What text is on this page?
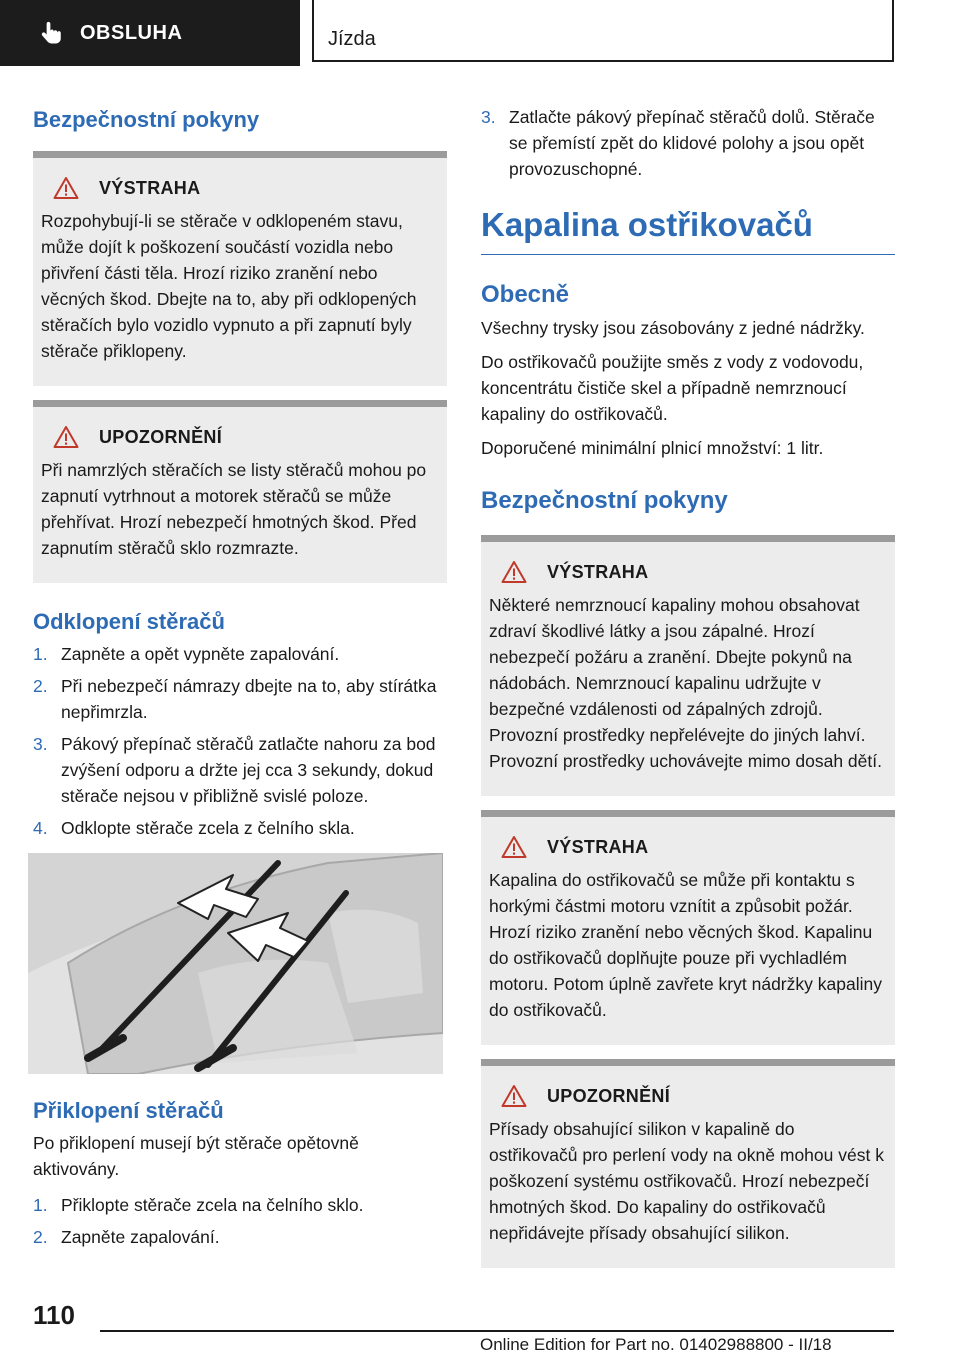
OBSLUHA	Jízda
Bezpečnostní pokyny
VÝSTRAHA

Rozpohybují-li se stěrače v odklopeném stavu, může dojít k poškození součástí vozidla nebo přivření části těla. Hrozí riziko zranění nebo věcných škod. Dbejte na to, aby při odklopených stěračích bylo vozidlo vypnuto a při zapnutí byly stěrače přiklopeny.

UPOZORNĚNÍ

Při namrzlých stěračích se listy stěračů mohou po zapnutí vytrhnout a motorek stěračů se může přehřívat. Hrozí nebezpečí hmotných škod. Před zapnutím stěračů sklo rozmrazte.

Odklopení stěračů
1. Zapněte a opět vypněte zapalování.
2. Při nebezpečí námrazy dbejte na to, aby stírátka nepřimrzla.
3. Pákový přepínač stěračů zatlačte nahoru za bod zvýšení odporu a držte jej cca 3 sekundy, dokud stěrače nejsou v přibližně svislé poloze.
4. Odklopte stěrače zcela z čelního skla.
Přiklopení stěračů

Po přiklopení musejí být stěrače opětovně aktivovány.

1. Přiklopte stěrače zcela na čelního sklo.
2. Zapněte zapalování.
3. Zatlačte pákový přepínač stěračů dolů. Stěrače se přemístí zpět do klidové polohy a jsou opět provozuschopné.
Kapalina ostřikovačů
Obecně

Všechny trysky jsou zásobovány z jedné nádržky.

Do ostřikovačů použijte směs z vody z vodovodu, koncentrátu čističe skel a případně nemrznoucí kapaliny do ostřikovačů.

Doporučené minimální plnicí množství: 1 litr.

Bezpečnostní pokyny
VÝSTRAHA

Některé nemrznoucí kapaliny mohou obsahovat zdraví škodlivé látky a jsou zápalné. Hrozí nebezpečí požáru a zranění. Dbejte pokynů na nádobách. Nemrznoucí kapalinu udržujte v bezpečné vzdálenosti od zápalných zdrojů. Provozní prostředky nepřelévejte do jiných lahví. Provozní prostředky uchovávejte mimo dosah dětí.

VÝSTRAHA

Kapalina do ostřikovačů se může při kontaktu s horkými částmi motoru vznítit a způsobit požár. Hrozí riziko zranění nebo věcných škod. Kapalinu do ostřikovačů doplňujte pouze při vychladlém motoru. Potom úplně zavřete kryt nádržky kapaliny do ostřikovačů.

UPOZORNĚNÍ

Přísady obsahující silikon v kapalině do ostřikovačů pro perlení vody na okně mohou vést k poškození systému ostřikovačů. Hrozí nebezpečí hmotných škod. Do kapaliny do ostřikovačů nepřidávejte přísady obsahující silikon.

110
Online Edition for Part no. 01402988800 - II/18
